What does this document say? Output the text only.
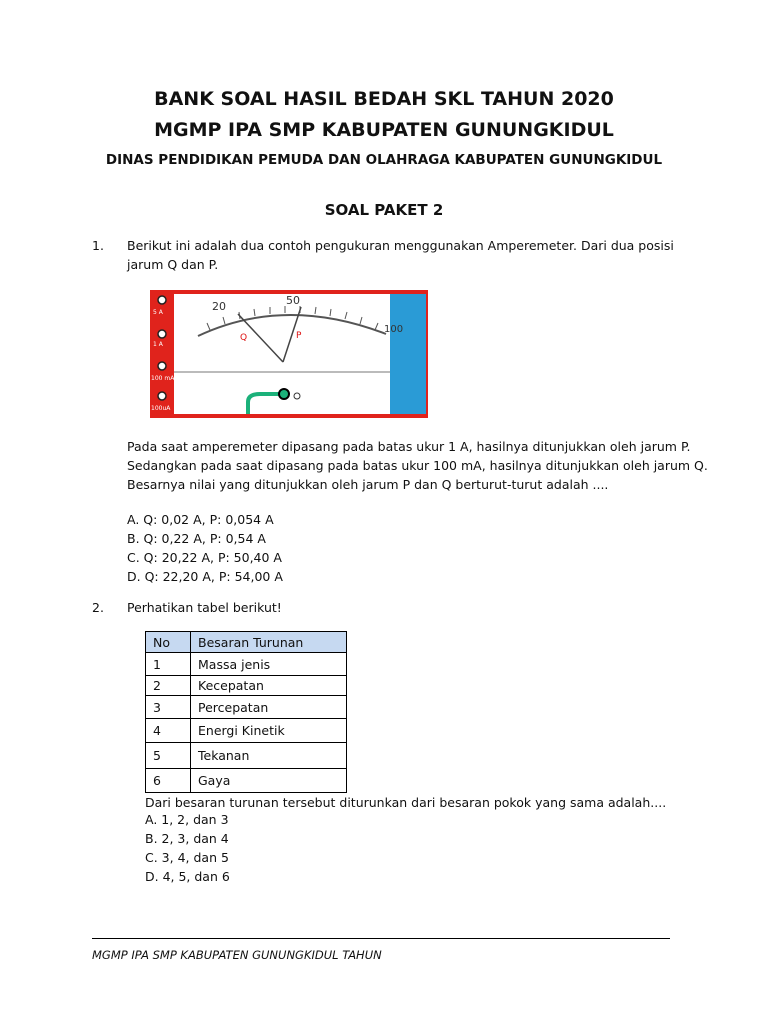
BANK SOAL HASIL BEDAH SKL TAHUN 2020
MGMP IPA SMP KABUPATEN GUNUNGKIDUL
DINAS PENDIDIKAN PEMUDA DAN OLAHRAGA KABUPATEN GUNUNGKIDUL
SOAL PAKET 2
1. Berikut ini adalah dua contoh pengukuran menggunakan Amperemeter. Dari dua posisi
jarum Q dan P.
20	50
100
Q	P
5 A
1 A
100 mA
100uA
Pada saat amperemeter dipasang pada batas ukur 1 A, hasilnya ditunjukkan oleh jarum P.
Sedangkan pada saat dipasang pada batas ukur 100 mA, hasilnya ditunjukkan oleh jarum Q.
Besarnya nilai yang ditunjukkan oleh jarum P dan Q berturut-turut adalah ....
A. Q: 0,02 A, P: 0,054 A
B. Q: 0,22 A, P: 0,54 A
C. Q: 20,22 A, P: 50,40 A
D. Q: 22,20 A, P: 54,00 A
2. Perhatikan tabel berikut!
No	Besaran Turunan
1	Massa jenis
2	Kecepatan
3	Percepatan
4	Energi Kinetik
5	Tekanan
6	Gaya
Dari besaran turunan tersebut diturunkan dari besaran pokok yang sama adalah....
A. 1, 2, dan 3
B. 2, 3, dan 4
C. 3, 4, dan 5
D. 4, 5, dan 6
MGMP IPA SMP KABUPATEN GUNUNGKIDUL TAHUN
